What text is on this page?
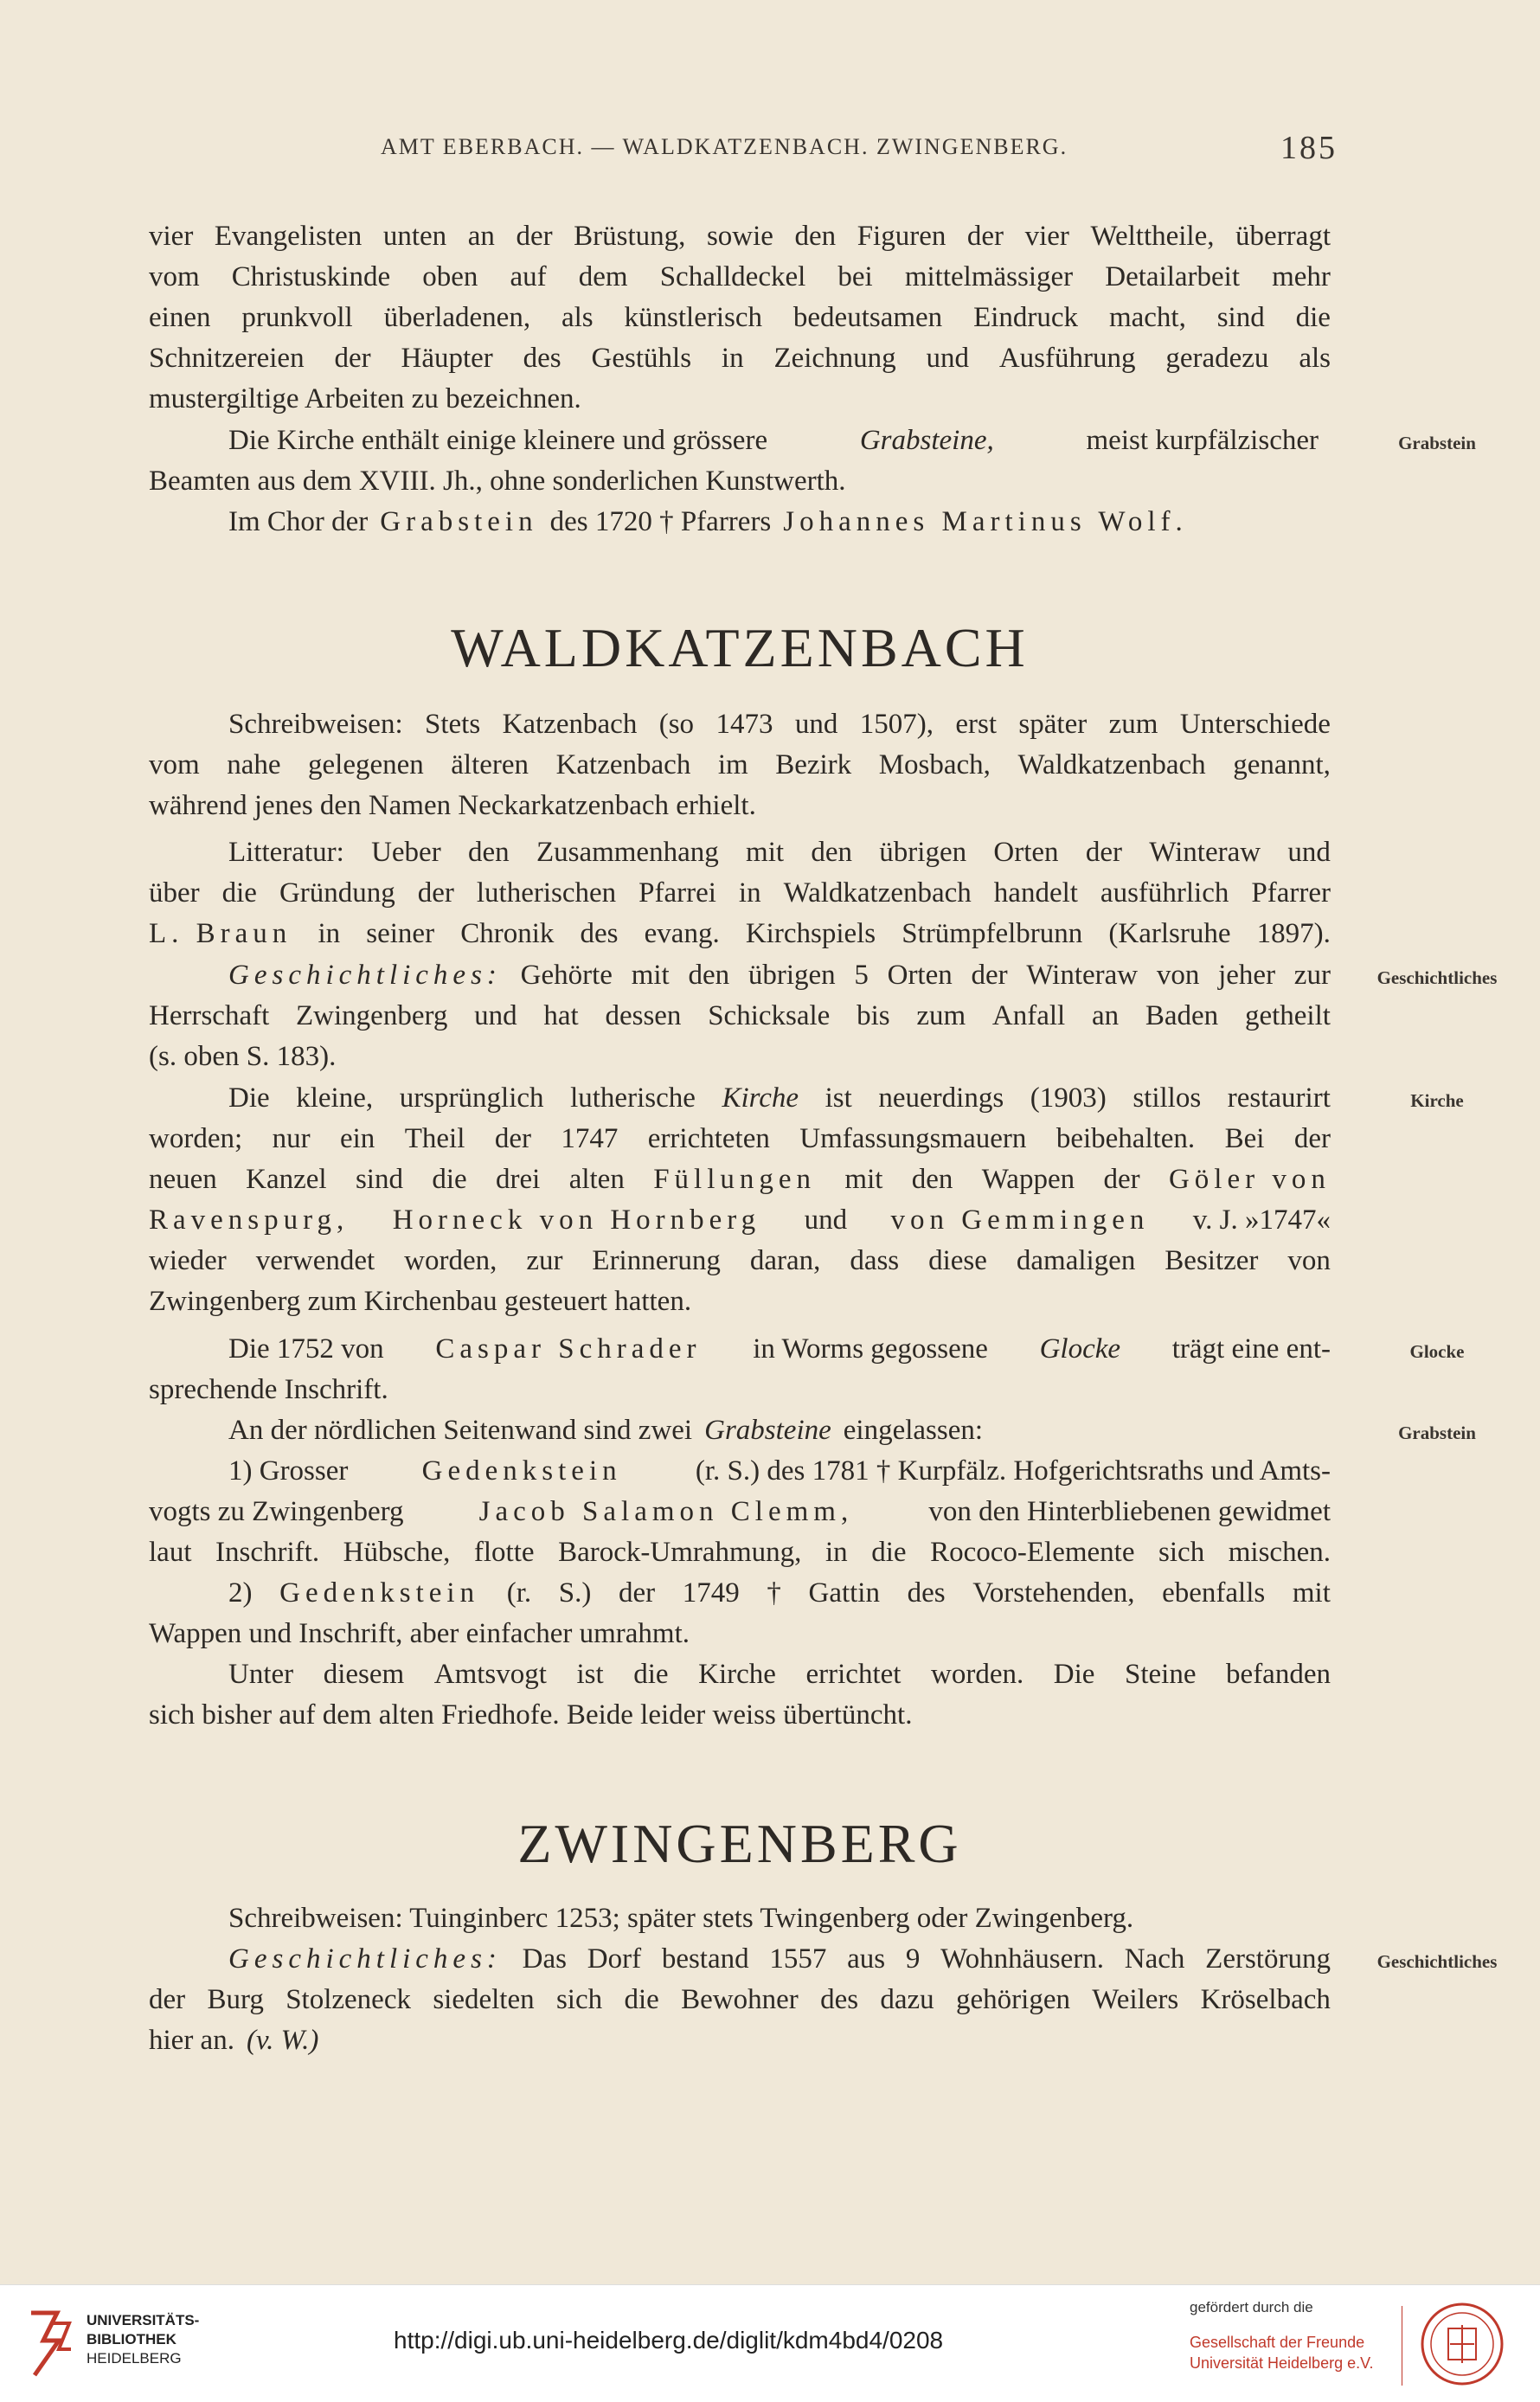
AMT EBERBACH. — WALDKATZENBACH. ZWINGENBERG.	185
vier Evangelisten unten an der Brüstung, sowie den Figuren der vier Welttheile, überragt
vom Christuskinde oben auf dem Schalldeckel bei mittelmässiger Detailarbeit mehr
einen prunkvoll überladenen, als künstlerisch bedeutsamen Eindruck macht, sind die
Schnitzereien der Häupter des Gestühls in Zeichnung und Ausführung geradezu als
mustergiltige Arbeiten zu bezeichnen.
Die Kirche enthält einige kleinere und grössere	Grabsteine,	meist kurpfälzischer
Beamten aus dem XVIII. Jh., ohne sonderlichen Kunstwerth.
Im Chor der Grabstein des 1720 † Pfarrers Johannes Martinus Wolf.
Grabstein
WALDKATZENBACH
Schreibweisen: Stets Katzenbach (so 1473 und 1507), erst später zum Unterschiede
vom nahe gelegenen älteren Katzenbach im Bezirk Mosbach, Waldkatzenbach genannt,
während jenes den Namen Neckarkatzenbach erhielt.
Litteratur: Ueber den Zusammenhang mit den übrigen Orten der Winteraw und
über die Gründung der lutherischen Pfarrei in Waldkatzenbach handelt ausführlich Pfarrer
L. Braun in seiner Chronik des evang. Kirchspiels Strümpfelbrunn (Karlsruhe 1897).
Geschichtliches: Gehörte mit den übrigen 5 Orten der Winteraw von jeher zur
Herrschaft Zwingenberg und hat dessen Schicksale bis zum Anfall an Baden getheilt
(s. oben S. 183).
Geschichtliches
Die kleine, ursprünglich lutherische Kirche ist neuerdings (1903) stillos restaurirt
worden; nur ein Theil der 1747 errichteten Umfassungsmauern beibehalten. Bei der
neuen Kanzel sind die drei alten Füllungen mit den Wappen der Göler von
Ravenspurg, Horneck von Hornberg und von Gemmingen v. J. »1747«
wieder verwendet worden, zur Erinnerung daran, dass diese damaligen Besitzer von
Zwingenberg zum Kirchenbau gesteuert hatten.
Kirche
Die 1752 von Caspar Schrader in Worms gegossene Glocke trägt eine ent-
sprechende Inschrift.
Glocke
An der nördlichen Seitenwand sind zwei Grabsteine eingelassen:
1) Grosser	Gedenkstein	(r. S.) des 1781 † Kurpfälz. Hofgerichtsraths und Amts-
vogts zu Zwingenberg	Jacob Salamon Clemm,	von den Hinterbliebenen gewidmet
laut Inschrift. Hübsche, flotte Barock-Umrahmung, in die Rococo-Elemente sich mischen.
2) Gedenkstein (r. S.) der 1749 † Gattin des Vorstehenden, ebenfalls mit
Wappen und Inschrift, aber einfacher umrahmt.
Unter diesem Amtsvogt ist die Kirche errichtet worden. Die Steine befanden
sich bisher auf dem alten Friedhofe. Beide leider weiss übertüncht.
Grabstein
ZWINGENBERG
Schreibweisen: Tuinginberc 1253; später stets Twingenberg oder Zwingenberg.
Geschichtliches: Das Dorf bestand 1557 aus 9 Wohnhäusern. Nach Zerstörung
der Burg Stolzeneck siedelten sich die Bewohner des dazu gehörigen Weilers Kröselbach
hier an. (v. W.)
Geschichtliches
UNIVERSITÄTS-
BIBLIOTHEK
HEIDELBERG
http://digi.ub.uni-heidelberg.de/diglit/kdm4bd4/0208
gefördert durch die
Gesellschaft der Freunde
Universität Heidelberg e.V.
